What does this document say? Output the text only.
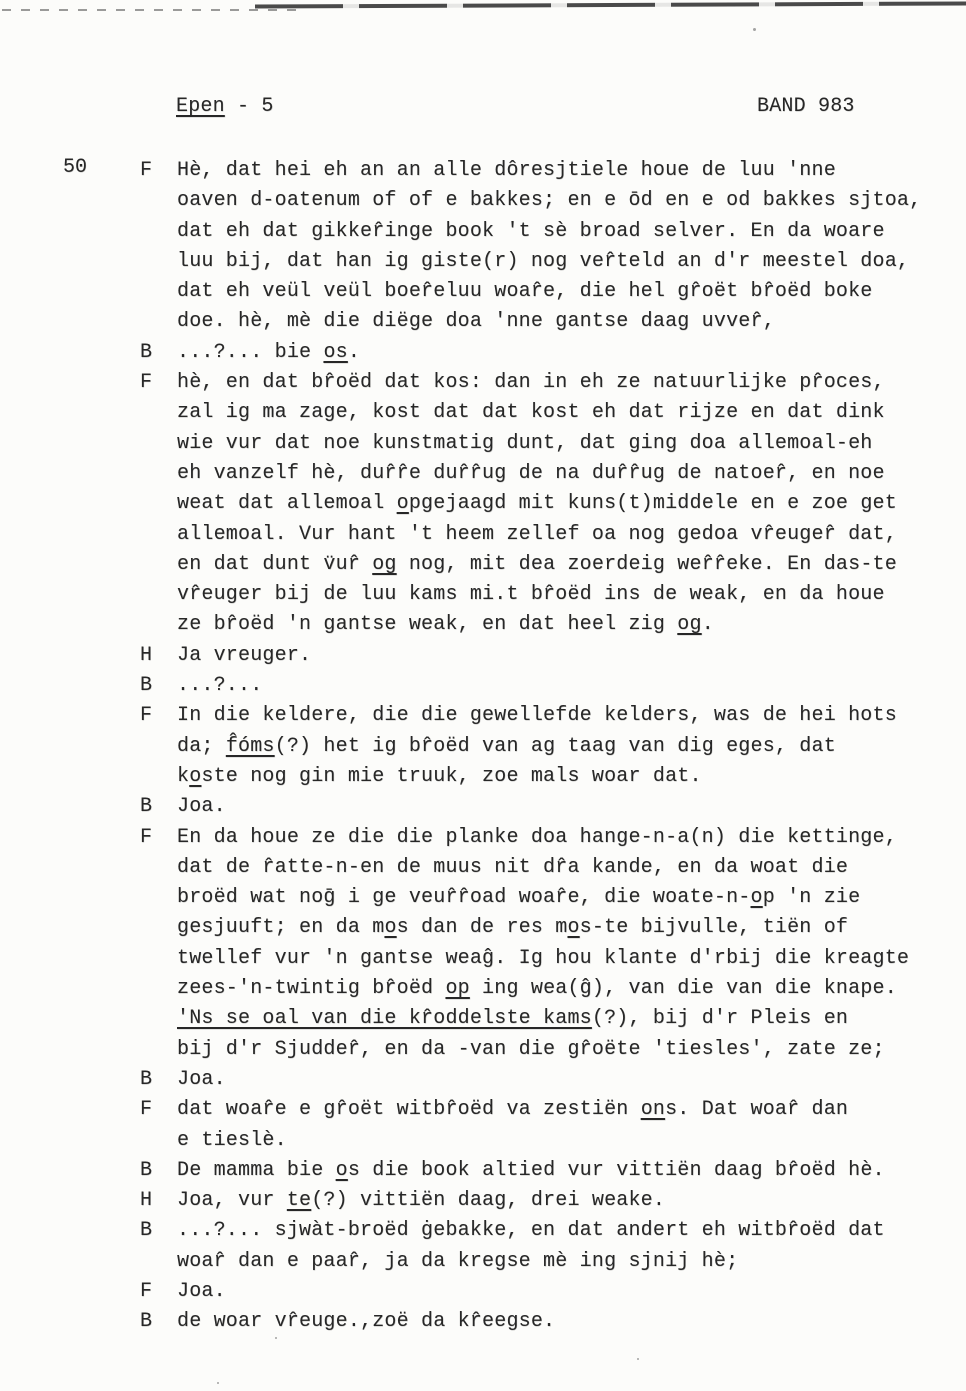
Epen - 5	BAND 983
50	F	Hè, dat hei eh an an alle dôresjtiele houe de luu 'nne
oaven d-oatenum of of e bakkes; en e ōd en e od bakkes sjtoa,
dat eh dat gikker̂inge book 't sè broad selver. En da woare
luu bij, dat han ig giste(r) nog ver̂teld an d'r meestel doa,
dat eh veül veül boer̂eluu woar̂e, die hel gr̂oët br̂oëd boke
doe. hè, mè die diëge doa 'nne gantse daag uvver̂,
B	...?... bie os.
F	hè, en dat br̂oëd dat kos: dan in eh ze natuurlijke pr̂oces,
zal ig ma zage, kost dat dat kost eh dat rijze en dat dink
wie vur dat noe kunstmatig dunt, dat ging doa allemoal-eh
eh vanzelf hè, dur̂r̂e dur̂r̂ug de na dur̂r̂ug de natoer̂, en noe
weat dat allemoal opgejaagd mit kuns(t)middele en e zoe get
allemoal. Vur hant 't heem zellef oa nog gedoa vr̂euger̂ dat,
en dat dunt v̈ur̂ og nog, mit dea zoerdeig wer̂r̂eke. En das-te
vr̂euger bij de luu kams mi.t br̂oëd ins de weak, en da houe
ze br̂oëd 'n gantse weak, en dat heel zig og.
H	Ja vreuger.
B	...?...
F	In die keldere, die die gewellefde kelders, was de hei hots
da; f̂óms(?) het ig br̂oëd van ag taag van dig eges, dat
koste nog gin mie truuk, zoe mals woar dat.
B	Joa.
F	En da houe ze die die planke doa hange-n-a(n) die kettinge,
dat de r̂atte-n-en de muus nit dr̂a kande, en da woat die
broëd wat noḡ i ge veur̂r̂oad woar̂e, die woate-n-op 'n zie
gesjuuft; en da mos dan de res mos-te bijvulle, tiën of
twellef vur 'n gantse weaĝ. Ig hou klante d'rbij die kreagte
zees-'n-twintig br̂oëd op ing wea(ĝ), van die van die knape.
'Ns se oal van die kr̂oddelste kams(?), bij d'r Pleis en
bij d'r Sjudder̂, en da -van die gr̂oëte 'tiesles', zate ze;
B	Joa.
F	dat woar̂e e gr̂oët witbr̂oëd va zestiën ons. Dat woar̂ dan
e tieslè.
B	De mamma bie os die book altied vur vittiën daag br̂oëd hè.
H	Joa, vur te(?) vittiën daag, drei weake.
B	...?... sjwàt-broëd ġebakke, en dat andert eh witbr̂oëd dat
woar̂ dan e paar̂, ja da kregse mè ing sjnij hè;
F	Joa.
B	de woar vr̂euge.,zoë da kr̂eegse.
